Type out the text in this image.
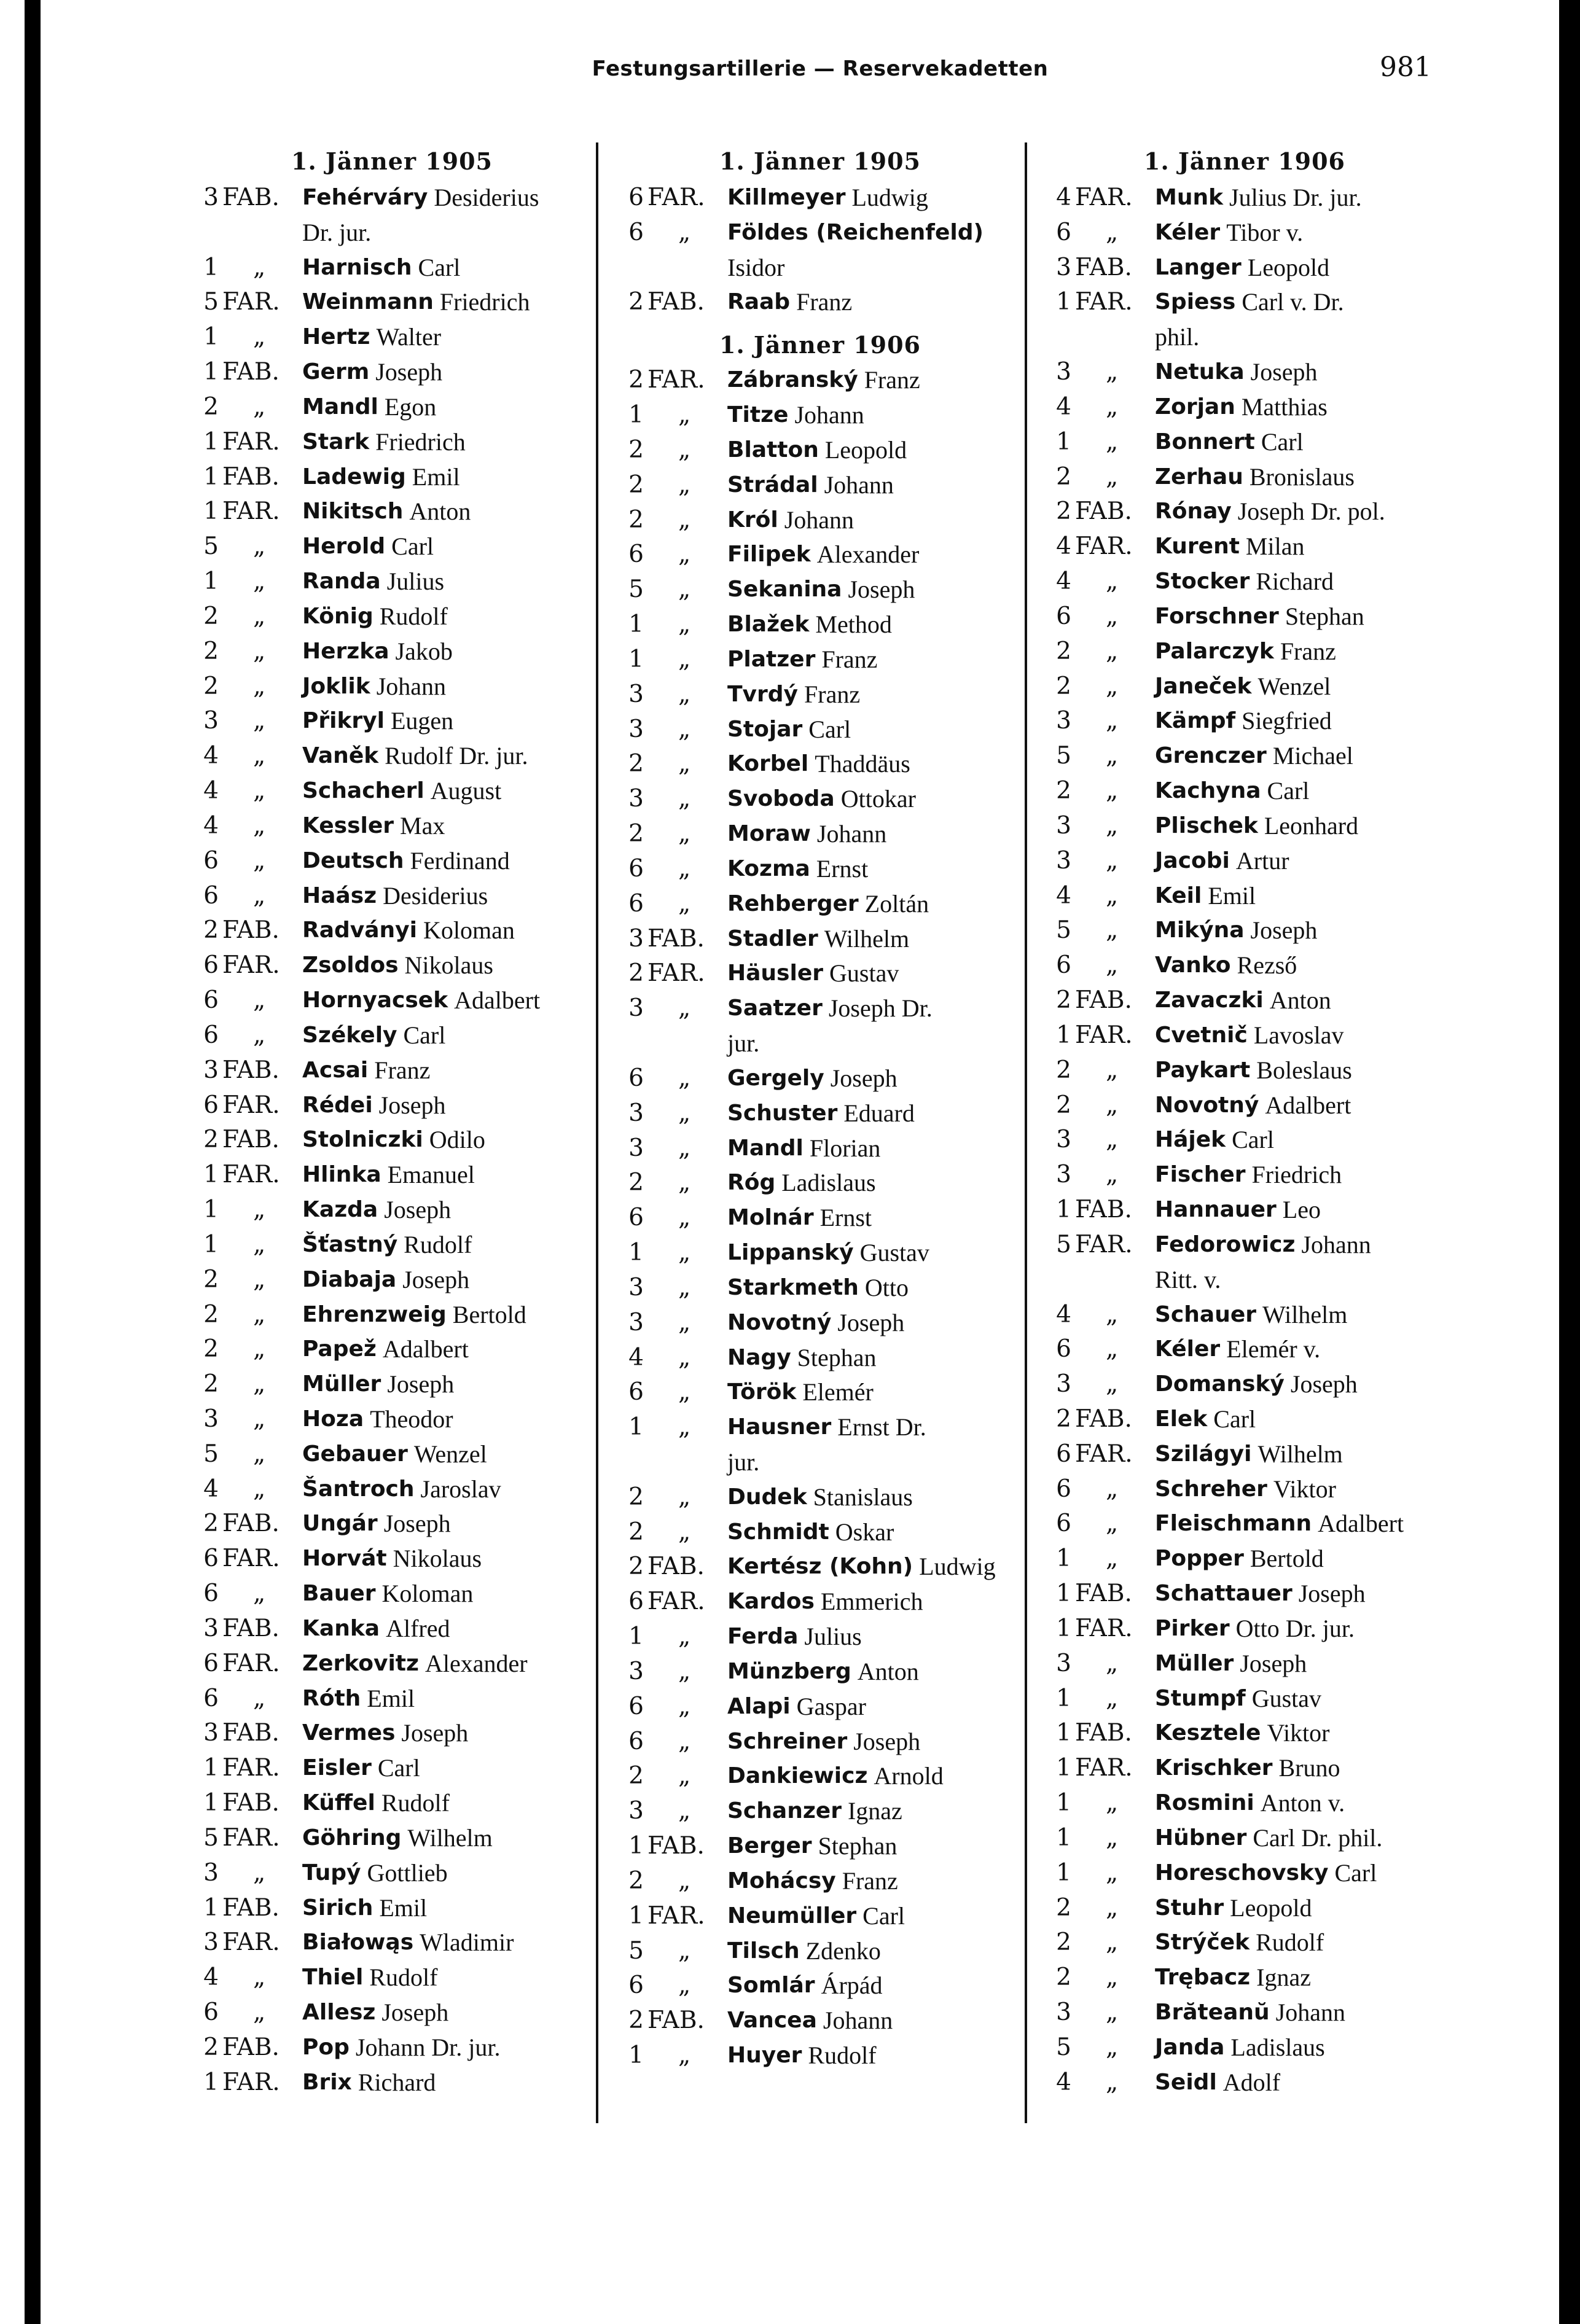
Festungsartillerie — Reservekadetten	981
1. Jänner 1905
3 FAB.	Fehérváry Desiderius
Dr. jur.
1	„	Harnisch Carl
5 FAR.	Weinmann Friedrich
1	„	Hertz Walter
1 FAB.	Germ Joseph
2	„	Mandl Egon
1 FAR.	Stark Friedrich
1 FAB.	Ladewig Emil
1 FAR.	Nikitsch Anton
5	„	Herold Carl
1	„	Randa Julius
2	„	König Rudolf
2	„	Herzka Jakob
2	„	Joklik Johann
3	„	Přikryl Eugen
4	„	Vaněk Rudolf Dr. jur.
4	„	Schacherl August
4	„	Kessler Max
6	„	Deutsch Ferdinand
6	„	Haász Desiderius
2 FAB.	Radványi Koloman
6 FAR.	Zsoldos Nikolaus
6	„	Hornyacsek Adalbert
6	„	Székely Carl
3 FAB.	Acsai Franz
6 FAR.	Rédei Joseph
2 FAB.	Stolniczki Odilo
1 FAR.	Hlinka Emanuel
1	„	Kazda Joseph
1	„	Šťastný Rudolf
2	„	Diabaja Joseph
2	„	Ehrenzweig Bertold
2	„	Papež Adalbert
2	„	Müller Joseph
3	„	Hoza Theodor
5	„	Gebauer Wenzel
4	„	Šantroch Jaroslav
2 FAB.	Ungár Joseph
6 FAR.	Horvát Nikolaus
6	„	Bauer Koloman
3 FAB.	Kanka Alfred
6 FAR.	Zerkovitz Alexander
6	„	Róth Emil
3 FAB.	Vermes Joseph
1 FAR.	Eisler Carl
1 FAB.	Küffel Rudolf
5 FAR.	Göhring Wilhelm
3	„	Tupý Gottlieb
1 FAB.	Sirich Emil
3 FAR.	Białowąs Wladimir
4	„	Thiel Rudolf
6	„	Allesz Joseph
2 FAB.	Pop Johann Dr. jur.
1 FAR.	Brix Richard
1. Jänner 1905
6 FAR.	Killmeyer Ludwig
6	„	Földes (Reichenfeld)
Isidor
2 FAB.	Raab Franz
1. Jänner 1906
2 FAR.	Zábranský Franz
1	„	Titze Johann
2	„	Blatton Leopold
2	„	Strádal Johann
2	„	Król Johann
6	„	Filipek Alexander
5	„	Sekanina Joseph
1	„	Blažek Method
1	„	Platzer Franz
3	„	Tvrdý Franz
3	„	Stojar Carl
2	„	Korbel Thaddäus
3	„	Svoboda Ottokar
2	„	Moraw Johann
6	„	Kozma Ernst
6	„	Rehberger Zoltán
3 FAB.	Stadler Wilhelm
2 FAR.	Häusler Gustav
3	„	Saatzer Joseph Dr.
jur.
6	„	Gergely Joseph
3	„	Schuster Eduard
3	„	Mandl Florian
2	„	Róg Ladislaus
6	„	Molnár Ernst
1	„	Lippanský Gustav
3	„	Starkmeth Otto
3	„	Novotný Joseph
4	„	Nagy Stephan
6	„	Török Elemér
1	„	Hausner Ernst Dr.
jur.
2	„	Dudek Stanislaus
2	„	Schmidt Oskar
2 FAB.	Kertész (Kohn) Ludwig
6 FAR.	Kardos Emmerich
1	„	Ferda Julius
3	„	Münzberg Anton
6	„	Alapi Gaspar
6	„	Schreiner Joseph
2	„	Dankiewicz Arnold
3	„	Schanzer Ignaz
1 FAB.	Berger Stephan
2	„	Mohácsy Franz
1 FAR.	Neumüller Carl
5	„	Tilsch Zdenko
6	„	Somlár Árpád
2 FAB.	Vancea Johann
1	„	Huyer Rudolf
1. Jänner 1906
4 FAR.	Munk Julius Dr. jur.
6	„	Kéler Tibor v.
3 FAB.	Langer Leopold
1 FAR.	Spiess Carl v. Dr.
phil.
3	„	Netuka Joseph
4	„	Zorjan Matthias
1	„	Bonnert Carl
2	„	Zerhau Bronislaus
2 FAB.	Rónay Joseph Dr. pol.
4 FAR.	Kurent Milan
4	„	Stocker Richard
6	„	Forschner Stephan
2	„	Palarczyk Franz
2	„	Janeček Wenzel
3	„	Kämpf Siegfried
5	„	Grenczer Michael
2	„	Kachyna Carl
3	„	Plischek Leonhard
3	„	Jacobi Artur
4	„	Keil Emil
5	„	Mikýna Joseph
6	„	Vanko Rezső
2 FAB.	Zavaczki Anton
1 FAR.	Cvetnič Lavoslav
2	„	Paykart Boleslaus
2	„	Novotný Adalbert
3	„	Hájek Carl
3	„	Fischer Friedrich
1 FAB.	Hannauer Leo
5 FAR.	Fedorowicz Johann
Ritt. v.
4	„	Schauer Wilhelm
6	„	Kéler Elemér v.
3	„	Domanský Joseph
2 FAB.	Elek Carl
6 FAR.	Szilágyi Wilhelm
6	„	Schreher Viktor
6	„	Fleischmann Adalbert
1	„	Popper Bertold
1 FAB.	Schattauer Joseph
1 FAR.	Pirker Otto Dr. jur.
3	„	Müller Joseph
1	„	Stumpf Gustav
1 FAB.	Kesztele Viktor
1 FAR.	Krischker Bruno
1	„	Rosmini Anton v.
1	„	Hübner Carl Dr. phil.
1	„	Horeschovsky Carl
2	„	Stuhr Leopold
2	„	Strýček Rudolf
2	„	Trębacz Ignaz
3	„	Brăteanŭ Johann
5	„	Janda Ladislaus
4	„	Seidl Adolf
